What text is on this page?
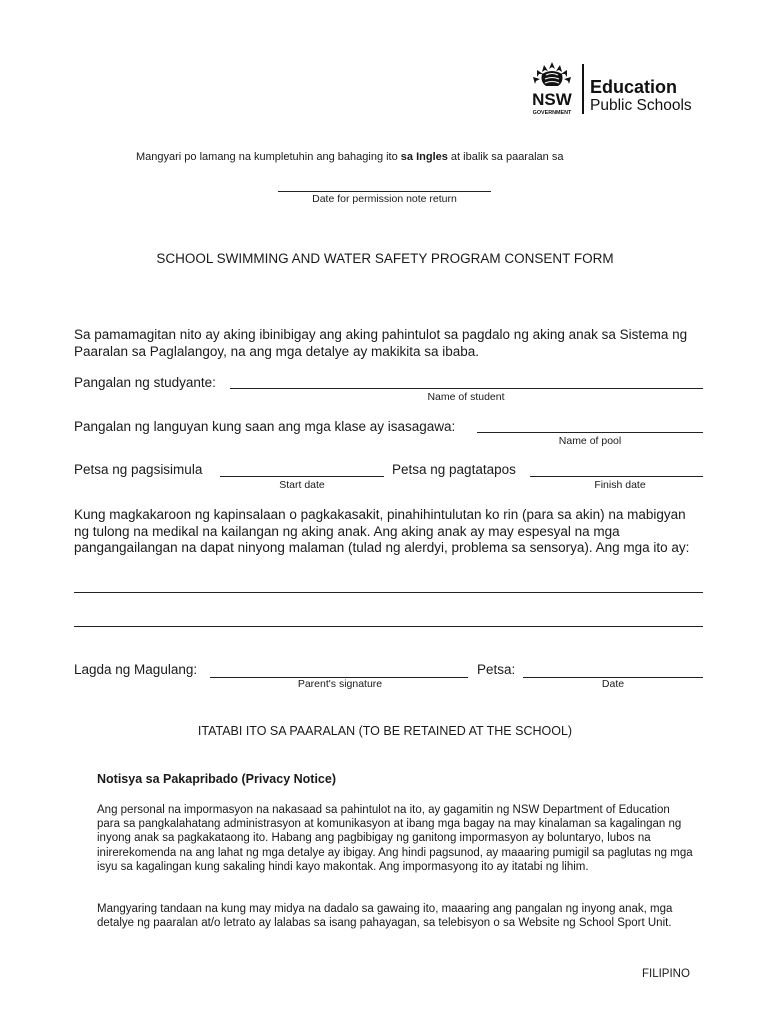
NSW
GOVERNMENT
Education
Public Schools
Mangyari po lamang na kumpletuhin ang bahaging ito sa Ingles at ibalik sa paaralan sa
Date for permission note return
SCHOOL SWIMMING AND WATER SAFETY PROGRAM CONSENT FORM
Sa pamamagitan nito ay aking ibinibigay ang aking pahintulot sa pagdalo ng aking anak sa Sistema ng Paaralan sa Paglalangoy, na ang mga detalye ay makikita sa ibaba.
Pangalan ng studyante:
Name of student
Pangalan ng languyan kung saan ang mga klase ay isasagawa:
Name of pool
Petsa ng pagsisimula
Start date
Petsa ng pagtatapos
Finish date
Kung magkakaroon ng kapinsalaan o pagkakasakit, pinahihintulutan ko rin (para sa akin) na mabigyan ng tulong na medikal na kailangan ng aking anak. Ang aking anak ay may espesyal na mga pangangailangan na dapat ninyong malaman (tulad ng alerdyi, problema sa sensorya). Ang mga ito ay:
Lagda ng Magulang:
Parent's signature
Petsa:
Date
ITATABI ITO SA PAARALAN (TO BE RETAINED AT THE SCHOOL)
Notisya sa Pakapribado (Privacy Notice)
Ang personal na impormasyon na nakasaad sa pahintulot na ito, ay gagamitin ng NSW Department of Education para sa pangkalahatang administrasyon at komunikasyon at ibang mga bagay na may kinalaman sa kagalingan ng inyong anak sa pagkakataong ito. Habang ang pagbibigay ng ganitong impormasyon ay boluntaryo, lubos na inirerekomenda na ang lahat ng mga detalye ay ibigay. Ang hindi pagsunod, ay maaaring pumigil sa paglutas ng mga isyu sa kagalingan kung sakaling hindi kayo makontak. Ang impormasyong ito ay itatabi ng lihim.
Mangyaring tandaan na kung may midya na dadalo sa gawaing ito, maaaring ang pangalan ng inyong anak, mga detalye ng paaralan at/o letrato ay lalabas sa isang pahayagan, sa telebisyon o sa Website ng School Sport Unit.
FILIPINO
